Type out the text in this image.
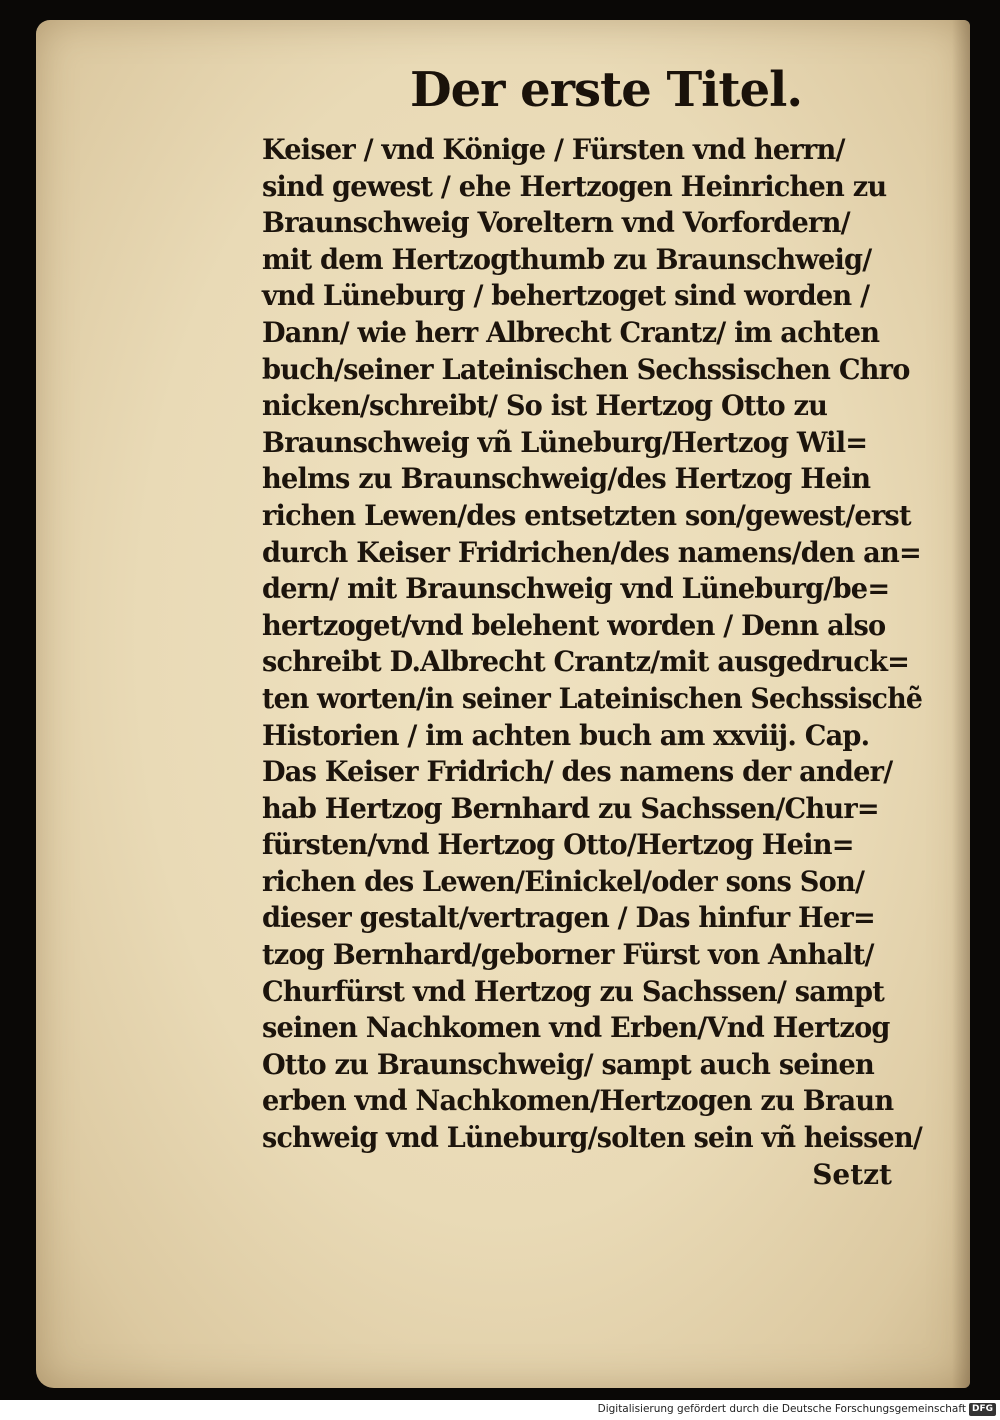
Der erste Titel.
Keiser / vnd Könige / Fürsten vnd herrn/
sind gewest / ehe Hertzogen Heinrichen zu
Braunschweig Voreltern vnd Vorfordern/
mit dem Hertzogthumb zu Braunschweig/
vnd Lüneburg / behertzoget sind worden /
Dann/ wie herr Albrecht Crantz/ im achten
buch/seiner Lateinischen Sechssischen Chro
nicken/schreibt/ So ist Hertzog Otto zu
Braunschweig vñ Lüneburg/Hertzog Wil=
helms zu Braunschweig/des Hertzog Hein
richen Lewen/des entsetzten son/gewest/erst
durch Keiser Fridrichen/des namens/den an=
dern/ mit Braunschweig vnd Lüneburg/be=
hertzoget/vnd belehent worden / Denn also
schreibt D.Albrecht Crantz/mit ausgedruck=
ten worten/in seiner Lateinischen Sechssischẽ
Historien / im achten buch am xxviij. Cap.
Das Keiser Fridrich/ des namens der ander/
hab Hertzog Bernhard zu Sachssen/Chur=
fürsten/vnd Hertzog Otto/Hertzog Hein=
richen des Lewen/Einickel/oder sons Son/
dieser gestalt/vertragen / Das hinfur Her=
tzog Bernhard/geborner Fürst von Anhalt/
Churfürst vnd Hertzog zu Sachssen/ sampt
seinen Nachkomen vnd Erben/Vnd Hertzog
Otto zu Braunschweig/ sampt auch seinen
erben vnd Nachkomen/Hertzogen zu Braun
schweig vnd Lüneburg/solten sein vñ heissen/
Setzt
Digitalisierung gefördert durch die Deutsche Forschungsgemeinschaft DFG
